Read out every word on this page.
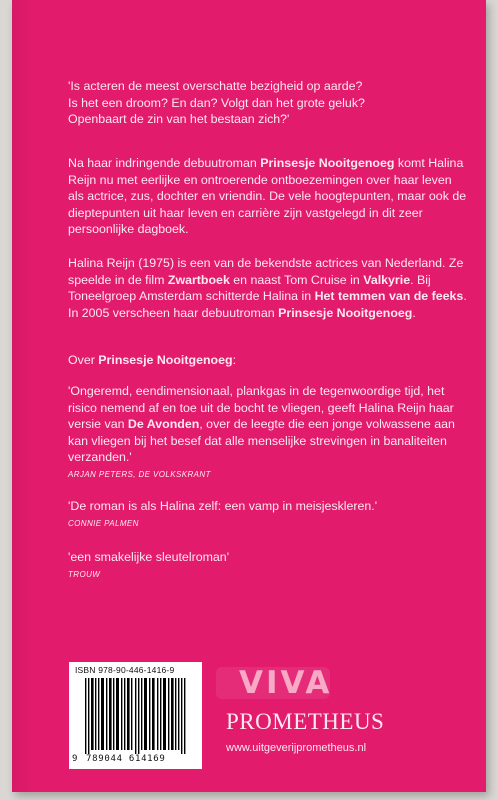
'Is acteren de meest overschatte bezigheid op aarde?

Is het een droom? En dan? Volgt dan het grote geluk?

Openbaart de zin van het bestaan zich?'

Na haar indringende debuutroman Prinsesje Nooitgenoeg komt Halina Reijn nu met eerlijke en ontroerende ontboezemingen over haar leven als actrice, zus, dochter en vriendin. De vele hoogtepunten, maar ook de dieptepunten uit haar leven en carrière zijn vastgelegd in dit zeer persoonlijke dagboek.

Halina Reijn (1975) is een van de bekendste actrices van Nederland. Ze speelde in de film Zwartboek en naast Tom Cruise in Valkyrie. Bij Toneelgroep Amsterdam schitterde Halina in Het temmen van de feeks. In 2005 verscheen haar debuutroman Prinsesje Nooitgenoeg.

Over Prinsesje Nooitgenoeg:

'Ongeremd, eendimensionaal, plankgas in de tegenwoordige tijd, het risico nemend af en toe uit de bocht te vliegen, geeft Halina Reijn haar versie van De Avonden, over de leegte die een jonge volwassene aan kan vliegen bij het besef dat alle menselijke strevingen in banaliteiten verzanden.'

ARJAN PETERS, DE VOLKSKRANT

'De roman is als Halina zelf: een vamp in meisjeskleren.'

CONNIE PALMEN

'een smakelijke sleutelroman'

TROUW
ISBN 978-90-446-1416-9
9 789044 614169
VIVA
PROMETHEUS
www.uitgeverijprometheus.nl
